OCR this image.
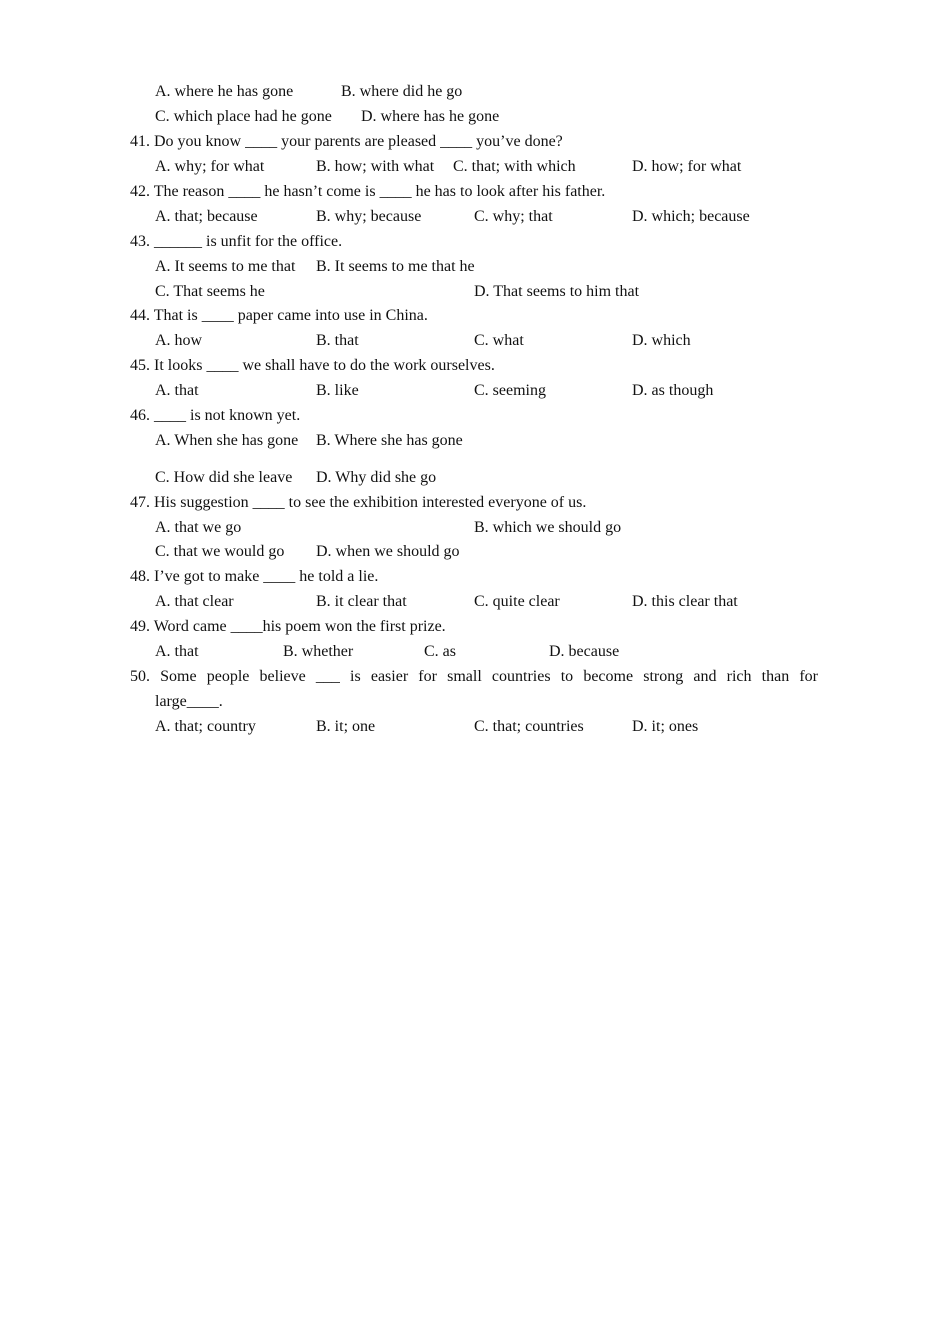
A. where he has gone	B. where did he go
C. which place had he gone D. where has he gone
41. Do you know ____ your parents are pleased ____ you’ve done?
A. why; for what	B. how; with what C. that; with which	D. how; for what
42. The reason ____ he hasn’t come is ____ he has to look after his father.
A. that; because	B. why; because	C. why; that	D. which; because
43. ______ is unfit for the office.
A. It seems to me that B. It seems to me that he
C. That seems he	D. That seems to him that
44. That is ____ paper came into use in China.
A. how	B. that	C. what	D. which
45. It looks ____ we shall have to do the work ourselves.
A. that	B. like	C. seeming	D. as though
46. ____ is not known yet.
A. When she has gone B. Where she has gone
C. How did she leave D. Why did she go
47. His suggestion ____ to see the exhibition interested everyone of us.
A. that we go	B. which we should go
C. that we would go D. when we should go
48. I’ve got to make ____ he told a lie.
A. that clear	B. it clear that	C. quite clear	D. this clear that
49. Word came ____his poem won the first prize.
A. that	B. whether	C. as	D. because
50. Some people believe ___ is easier for small countries to become strong and rich than for
large____.
A. that; country	B. it; one	C. that; countries	D. it; ones
